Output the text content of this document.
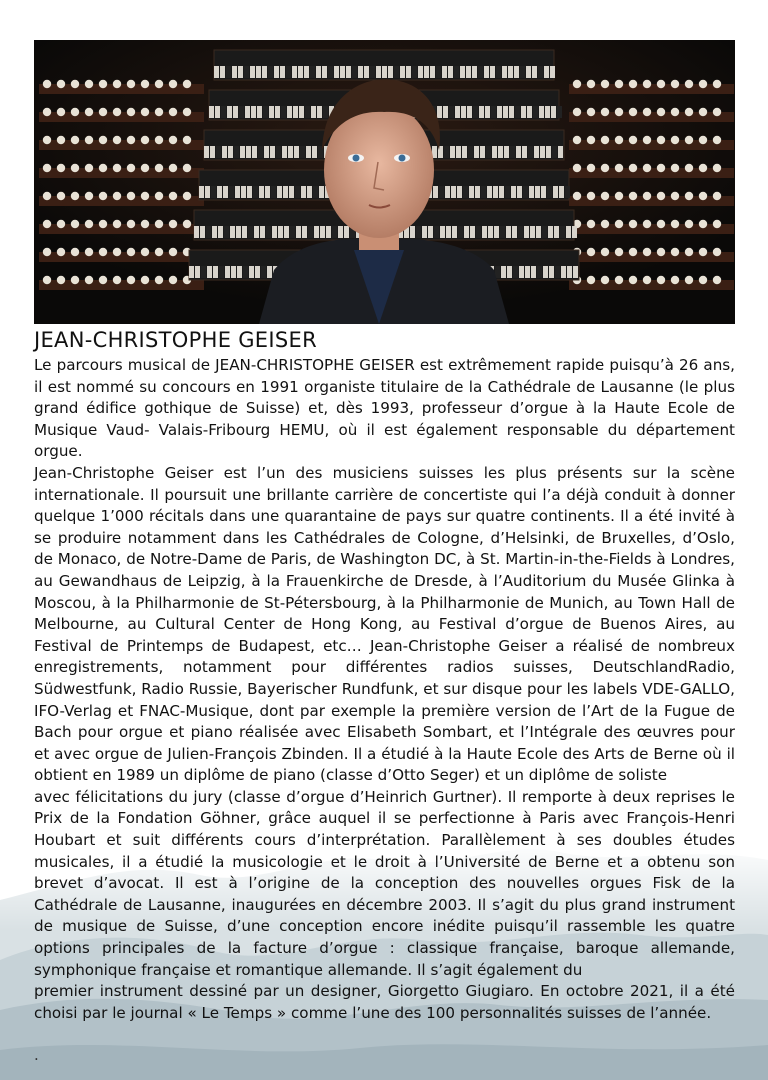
JEAN-CHRISTOPHE GEISER

Le parcours musical de JEAN-CHRISTOPHE GEISER est extrêmement rapide puisqu’à 26 ans, il est nommé su concours en 1991 organiste titulaire de la Cathédrale de Lausanne (le plus grand édifice gothique de Suisse) et, dès 1993, professeur d’orgue à la Haute Ecole de Musique Vaud- Valais-Fribourg HEMU, où il est également responsable du département orgue.

Jean-Christophe Geiser est l’un des musiciens suisses les plus présents sur la scène internationale. Il poursuit une brillante carrière de concertiste qui l’a déjà conduit à donner quelque 1’000 récitals dans une quarantaine de pays sur quatre continents. Il a été invité à se produire notamment dans les Cathédrales de Cologne, d’Helsinki, de Bruxelles, d’Oslo, de Monaco, de Notre-Dame de Paris, de Washington DC, à St. Martin-in-the-Fields à Londres, au Gewandhaus de Leipzig, à la Frauenkirche de Dresde, à l’Auditorium du Musée Glinka à Moscou, à la Philharmonie de St-Pétersbourg, à la Philharmonie de Munich, au Town Hall de Melbourne, au Cultural Center de Hong Kong, au Festival d’orgue de Buenos Aires, au Festival de Printemps de Budapest, etc… Jean-Christophe Geiser a réalisé de nombreux enregistrements, notamment pour différentes radios suisses, DeutschlandRadio, Südwestfunk, Radio Russie, Bayerischer Rundfunk, et sur disque pour les labels VDE-GALLO, IFO-Verlag et FNAC-Musique, dont par exemple la première version de l’Art de la Fugue de Bach pour orgue et piano réalisée avec Elisabeth Sombart, et l’Intégrale des œuvres pour et avec orgue de Julien-François Zbinden. Il a étudié à la Haute Ecole des Arts de Berne où il obtient en 1989 un diplôme de piano (classe d’Otto Seger) et un diplôme de soliste

avec félicitations du jury (classe d’orgue d’Heinrich Gurtner). Il remporte à deux reprises le Prix de la Fondation Göhner, grâce auquel il se perfectionne à Paris avec François-Henri Houbart et suit différents cours d’interprétation. Parallèlement à ses doubles études musicales, il a étudié la musicologie et le droit à l’Université de Berne et a obtenu son brevet d’avocat. Il est à l’origine de la conception des nouvelles orgues Fisk de la Cathédrale de Lausanne, inaugurées en décembre 2003. Il s’agit du plus grand instrument de musique de Suisse, d’une conception encore inédite puisqu’il rassemble les quatre options principales de la facture d’orgue : classique française, baroque allemande, symphonique française et romantique allemande. Il s’agit également du

premier instrument dessiné par un designer, Giorgetto Giugiaro. En octobre 2021, il a été choisi par le journal « Le Temps » comme l’une des 100 personnalités suisses de l’année.

.
